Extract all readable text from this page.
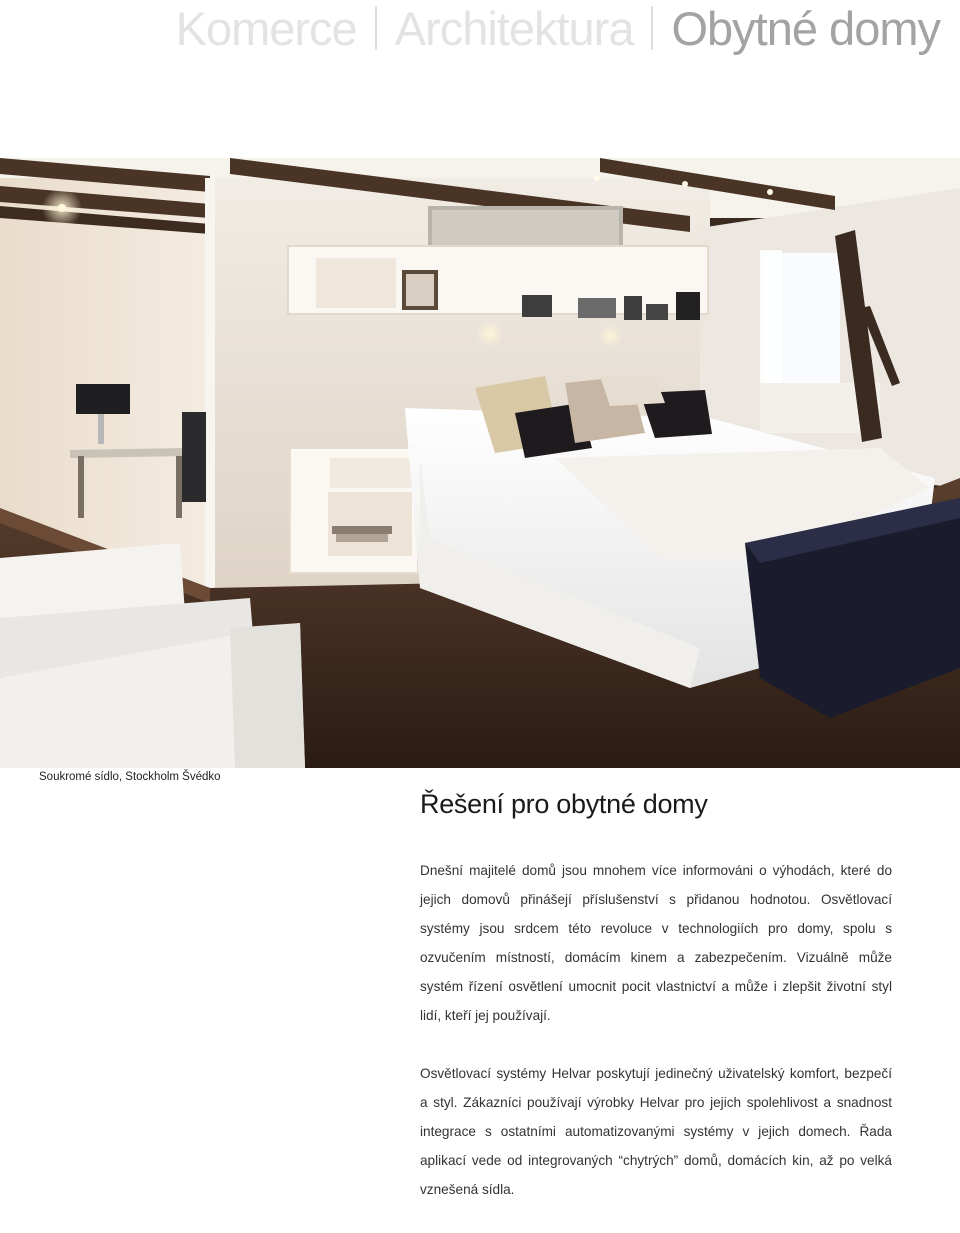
Komerce Architektura Obytné domy
Soukromé sídlo, Stockholm Švédko
Řešení pro obytné domy

Dnešní majitelé domů jsou mnohem více informováni o výhodách, které do jejich domovů přinášejí příslušenství s přidanou hodnotou. Osvětlovací systémy jsou srdcem této revoluce v technologiích pro domy, spolu s ozvučením místností, domácím kinem a zabezpečením. Vizuálně může systém řízení osvětlení umocnit pocit vlastnictví a může i zlepšit životní styl lidí, kteří jej používají.

Osvětlovací systémy Helvar poskytují jedinečný uživatelský komfort, bezpečí a styl. Zákazníci používají výrobky Helvar pro jejich spolehlivost a snadnost integrace s ostatními automatizovanými systémy v jejich domech. Řada aplikací vede od integrovaných “chytrých” domů, domácích kin, až po velká vznešená sídla.
